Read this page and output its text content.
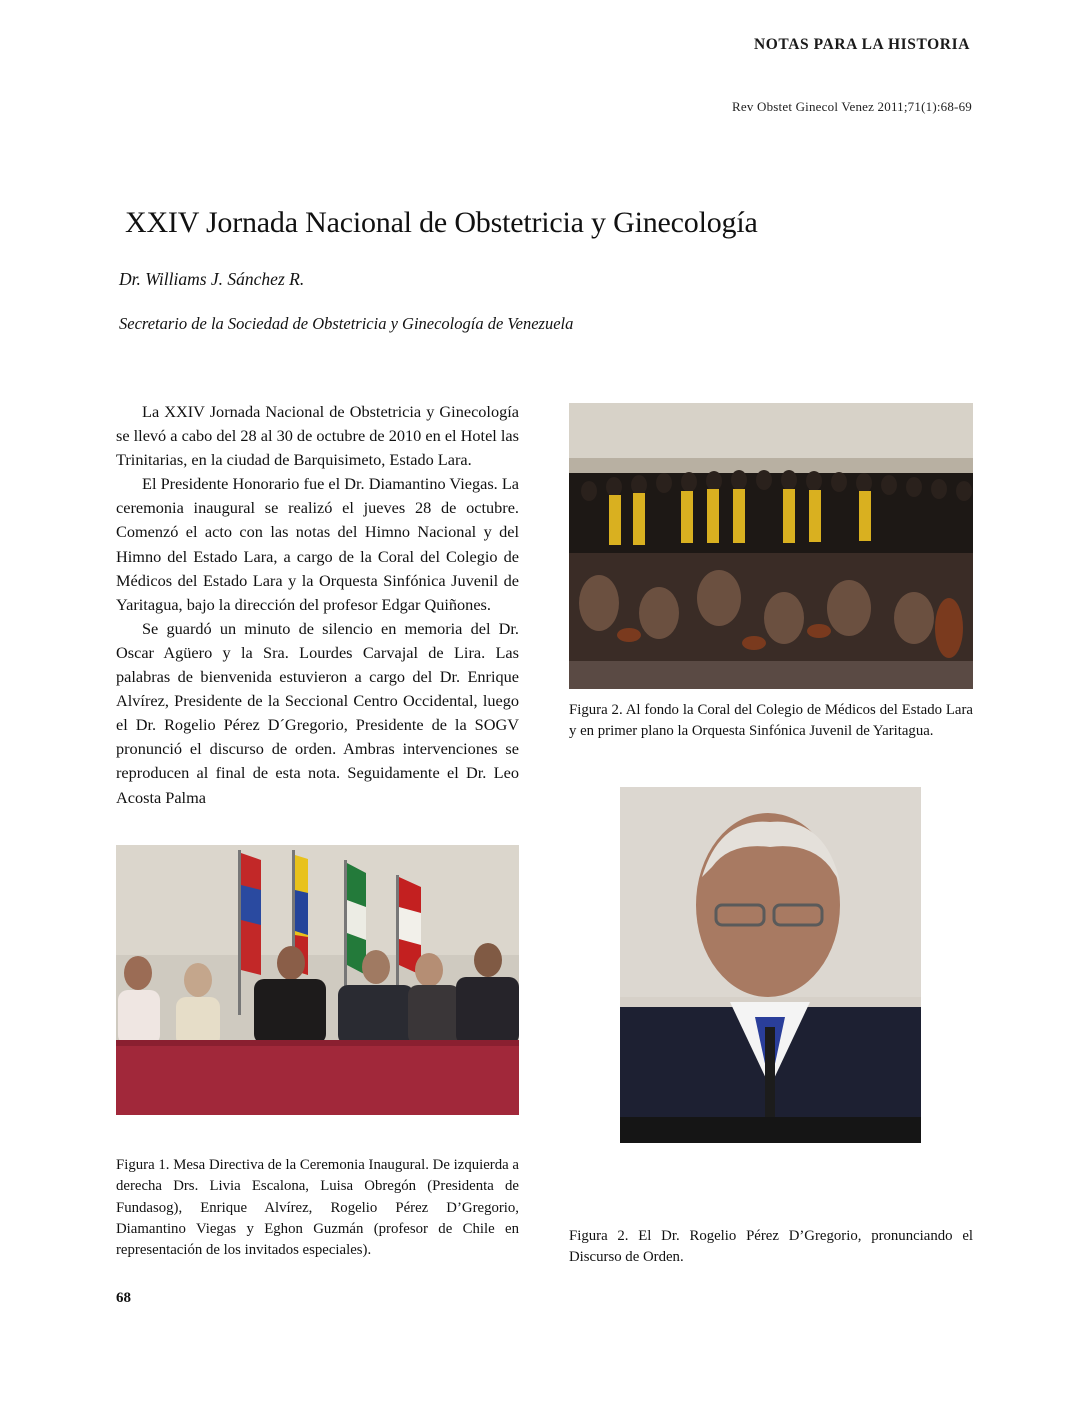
NOTAS PARA LA HISTORIA
Rev Obstet Ginecol Venez 2011;71(1):68-69
XXIV Jornada Nacional de Obstetricia y Ginecología
Dr. Williams J. Sánchez R.
Secretario de la Sociedad de Obstetricia y Ginecología de Venezuela

La XXIV Jornada Nacional de Obstetricia y Ginecología se llevó a cabo del 28 al 30 de octubre de 2010 en el Hotel las Trinitarias, en la ciudad de Barquisimeto, Estado Lara.

El Presidente Honorario fue el Dr. Diamantino Viegas. La ceremonia inaugural se realizó el jueves 28 de octubre. Comenzó el acto con las notas del Himno Nacional y del Himno del Estado Lara, a cargo de la Coral del Colegio de Médicos del Estado Lara y la Orquesta Sinfónica Juvenil de Yaritagua, bajo la dirección del profesor Edgar Quiñones.

Se guardó un minuto de silencio en memoria del Dr. Oscar Agüero y la Sra. Lourdes Carvajal de Lira. Las palabras de bienvenida estuvieron a cargo del Dr. Enrique Alvírez, Presidente de la Seccional Centro Occidental, luego el Dr. Rogelio Pérez D´Gregorio, Presidente de la SOGV pronunció el discurso de orden. Ambras intervenciones se reproducen al final de esta nota. Seguidamente el Dr. Leo Acosta Palma

Figura 2. Al fondo la Coral del Colegio de Médicos del Estado Lara y en primer plano la Orquesta Sinfónica Juvenil de Yaritagua.
Figura 1. Mesa Directiva de la Ceremonia Inaugural. De izquierda a derecha Drs. Livia Escalona, Luisa Obregón (Presidenta de Fundasog), Enrique Alvírez, Rogelio Pérez D’Gregorio, Diamantino Viegas y Eghon Guzmán (profesor de Chile en representación de los invitados especiales).
Figura 2. El Dr. Rogelio Pérez D’Gregorio, pronunciando el Discurso de Orden.
68
